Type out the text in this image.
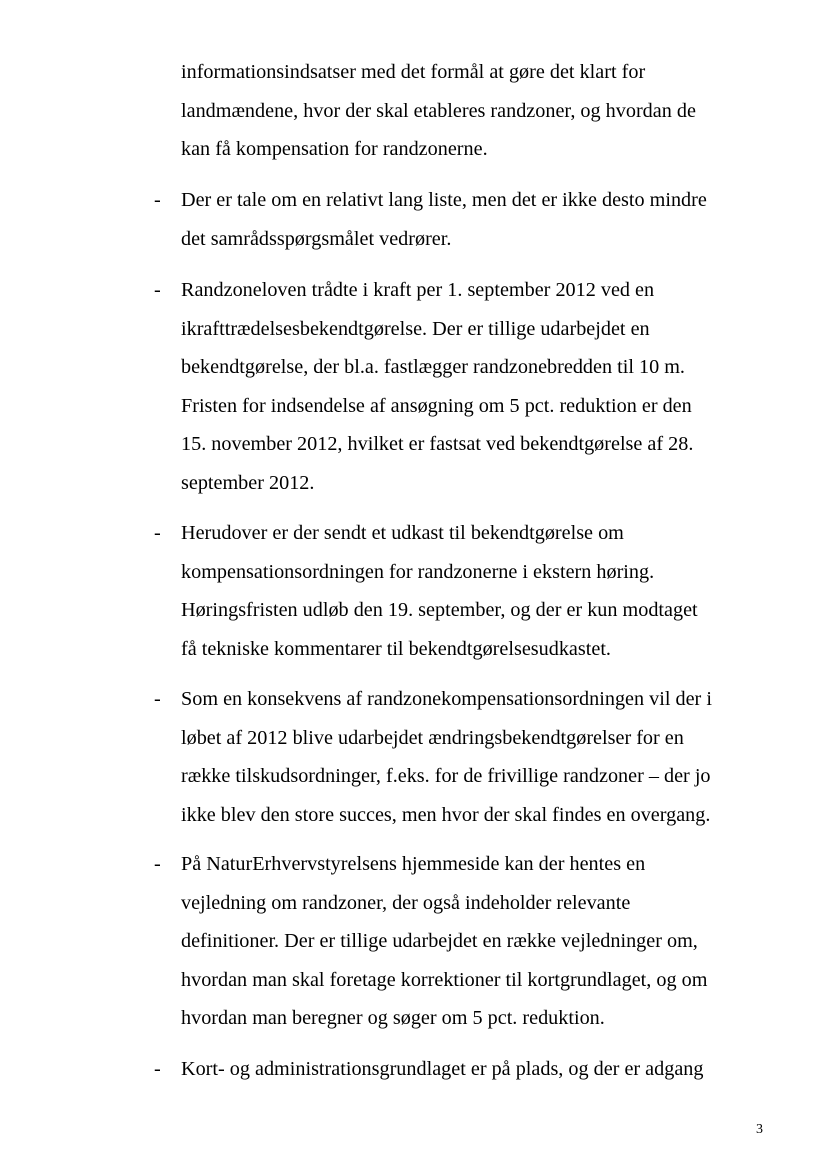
informationsindsatser med det formål at gøre det klart for
landmændene, hvor der skal etableres randzoner, og hvordan de
kan få kompensation for randzonerne.

- Der er tale om en relativt lang liste, men det er ikke desto mindre
det samrådsspørgsmålet vedrører.

- Randzoneloven trådte i kraft per 1. september 2012 ved en
ikrafttrædelsesbekendtgørelse. Der er tillige udarbejdet en
bekendtgørelse, der bl.a. fastlægger randzonebredden til 10 m.
Fristen for indsendelse af ansøgning om 5 pct. reduktion er den
15. november 2012, hvilket er fastsat ved bekendtgørelse af 28.
september 2012.

- Herudover er der sendt et udkast til bekendtgørelse om
kompensationsordningen for randzonerne i ekstern høring.
Høringsfristen udløb den 19. september, og der er kun modtaget
få tekniske kommentarer til bekendtgørelsesudkastet.

- Som en konsekvens af randzonekompensationsordningen vil der i
løbet af 2012 blive udarbejdet ændringsbekendtgørelser for en
række tilskudsordninger, f.eks. for de frivillige randzoner – der jo
ikke blev den store succes, men hvor der skal findes en overgang.

- På NaturErhvervstyrelsens hjemmeside kan der hentes en
vejledning om randzoner, der også indeholder relevante
definitioner. Der er tillige udarbejdet en række vejledninger om,
hvordan man skal foretage korrektioner til kortgrundlaget, og om
hvordan man beregner og søger om 5 pct. reduktion.

- Kort- og administrationsgrundlaget er på plads, og der er adgang

3
